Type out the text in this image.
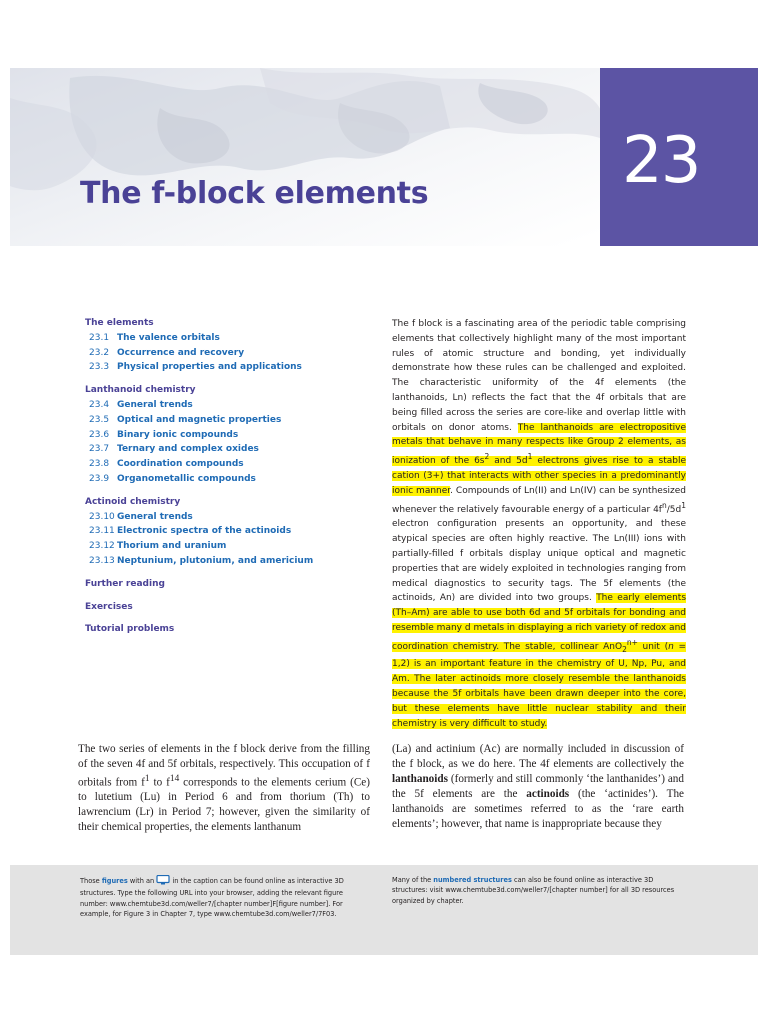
The f-block elements	23
The elements
23.1 The valence orbitals
23.2 Occurrence and recovery
23.3 Physical properties and applications
Lanthanoid chemistry
23.4 General trends
23.5 Optical and magnetic properties
23.6 Binary ionic compounds
23.7 Ternary and complex oxides
23.8 Coordination compounds
23.9 Organometallic compounds
Actinoid chemistry
23.10 General trends
23.11 Electronic spectra of the actinoids
23.12 Thorium and uranium
23.13 Neptunium, plutonium, and americium
Further reading
Exercises
Tutorial problems

The f block is a fascinating area of the periodic table comprising elements that collectively highlight many of the most important rules of atomic structure and bonding, yet individually demonstrate how these rules can be challenged and exploited. The characteristic uniformity of the 4f elements (the lanthanoids, Ln) reflects the fact that the 4f orbitals that are being filled across the series are core-like and overlap little with orbitals on donor atoms. The lanthanoids are electropositive metals that behave in many respects like Group 2 elements, as ionization of the $6s^2$ and $5d^1$ electrons gives rise to a stable cation (3+) that interacts with other species in a predominantly ionic manner. Compounds of Ln(II) and Ln(IV) can be synthesized whenever the relatively favourable energy of a particular $4f^n/5d^1$ electron configuration presents an opportunity, and these atypical species are often highly reactive. The Ln(III) ions with partially-filled f orbitals display unique optical and magnetic properties that are widely exploited in technologies ranging from medical diagnostics to security tags. The 5f elements (the actinoids, An) are divided into two groups. The early elements (Th–Am) are able to use both 6d and 5f orbitals for bonding and resemble many d metals in displaying a rich variety of redox and coordination chemistry. The stable, collinear AnO$_2^{n+}$ unit (n = 1,2) is an important feature in the chemistry of U, Np, Pu, and Am. The later actinoids more closely resemble the lanthanoids because the 5f orbitals have been drawn deeper into the core, but these elements have little nuclear stability and their chemistry is very difficult to study.

The two series of elements in the f block derive from the filling of the seven 4f and 5f orbitals, respectively. This occupation of f orbitals from $f^1$ to $f^{14}$ corresponds to the elements cerium (Ce) to lutetium (Lu) in Period 6 and from thorium (Th) to lawrencium (Lr) in Period 7; however, given the similarity of their chemical properties, the elements lanthanum

(La) and actinium (Ac) are normally included in discussion of the f block, as we do here. The 4f elements are collectively the lanthanoids (formerly and still commonly ‘the lanthanides’) and the 5f elements are the actinoids (the ‘actinides’). The lanthanoids are sometimes referred to as the ‘rare earth elements’; however, that name is inappropriate because they

Those figures with an  in the caption can be found online as interactive 3D structures. Type the following URL into your browser, adding the relevant figure number: www.chemtube3d.com/weller7/[chapter number]F[figure number]. For example, for Figure 3 in Chapter 7, type www.chemtube3d.com/weller7/7F03.

Many of the numbered structures can also be found online as interactive 3D structures: visit www.chemtube3d.com/weller7/[chapter number] for all 3D resources organized by chapter.
